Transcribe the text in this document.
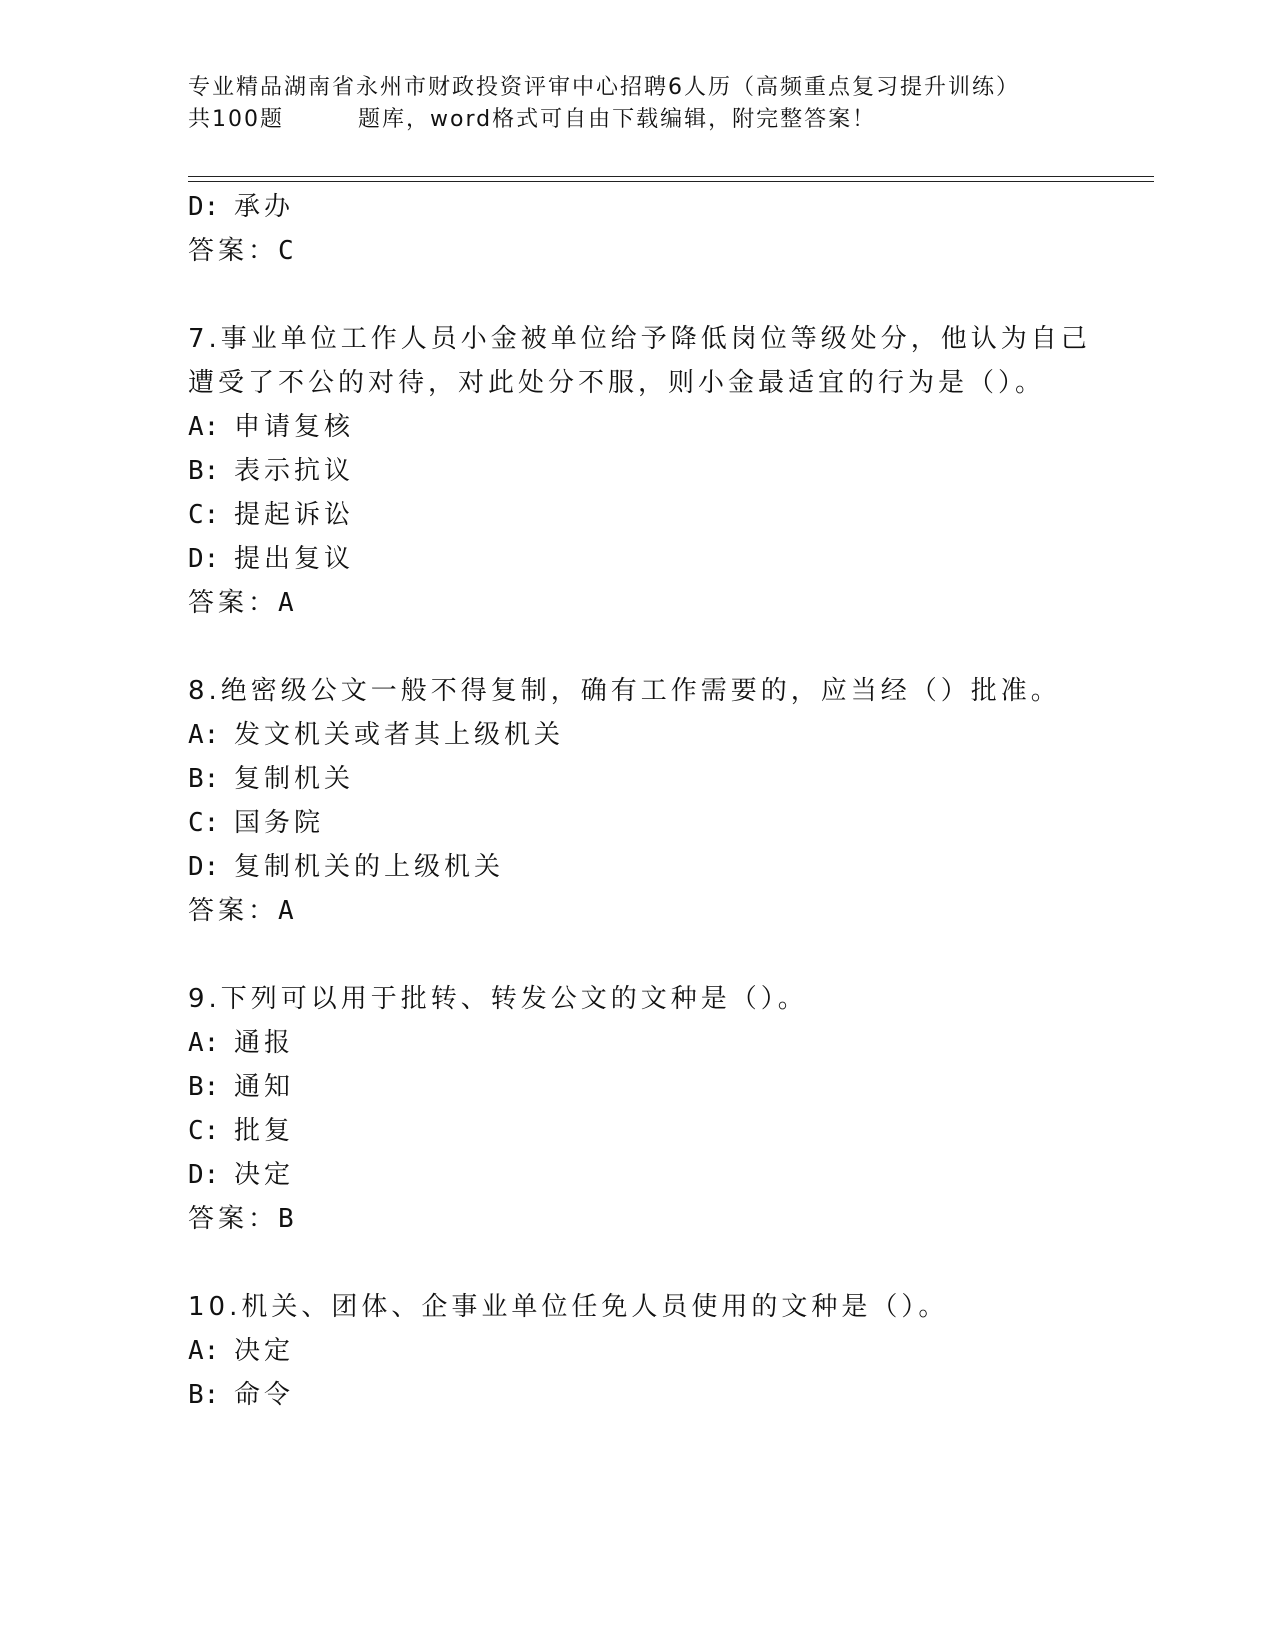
专业精品湖南省永州市财政投资评审中心招聘6人历（高频重点复习提升训练）
共100题	题库，word格式可自由下载编辑，附完整答案！
D: 承办
答案：C
7.事业单位工作人员小金被单位给予降低岗位等级处分，他认为自己
遭受了不公的对待，对此处分不服，则小金最适宜的行为是（）。
A: 申请复核
B: 表示抗议
C: 提起诉讼
D: 提出复议
答案：A
8.绝密级公文一般不得复制，确有工作需要的，应当经（）批准。
A: 发文机关或者其上级机关
B: 复制机关
C: 国务院
D: 复制机关的上级机关
答案：A
9.下列可以用于批转、转发公文的文种是（）。
A: 通报
B: 通知
C: 批复
D: 决定
答案：B
10.机关、团体、企事业单位任免人员使用的文种是（）。
A: 决定
B: 命令
